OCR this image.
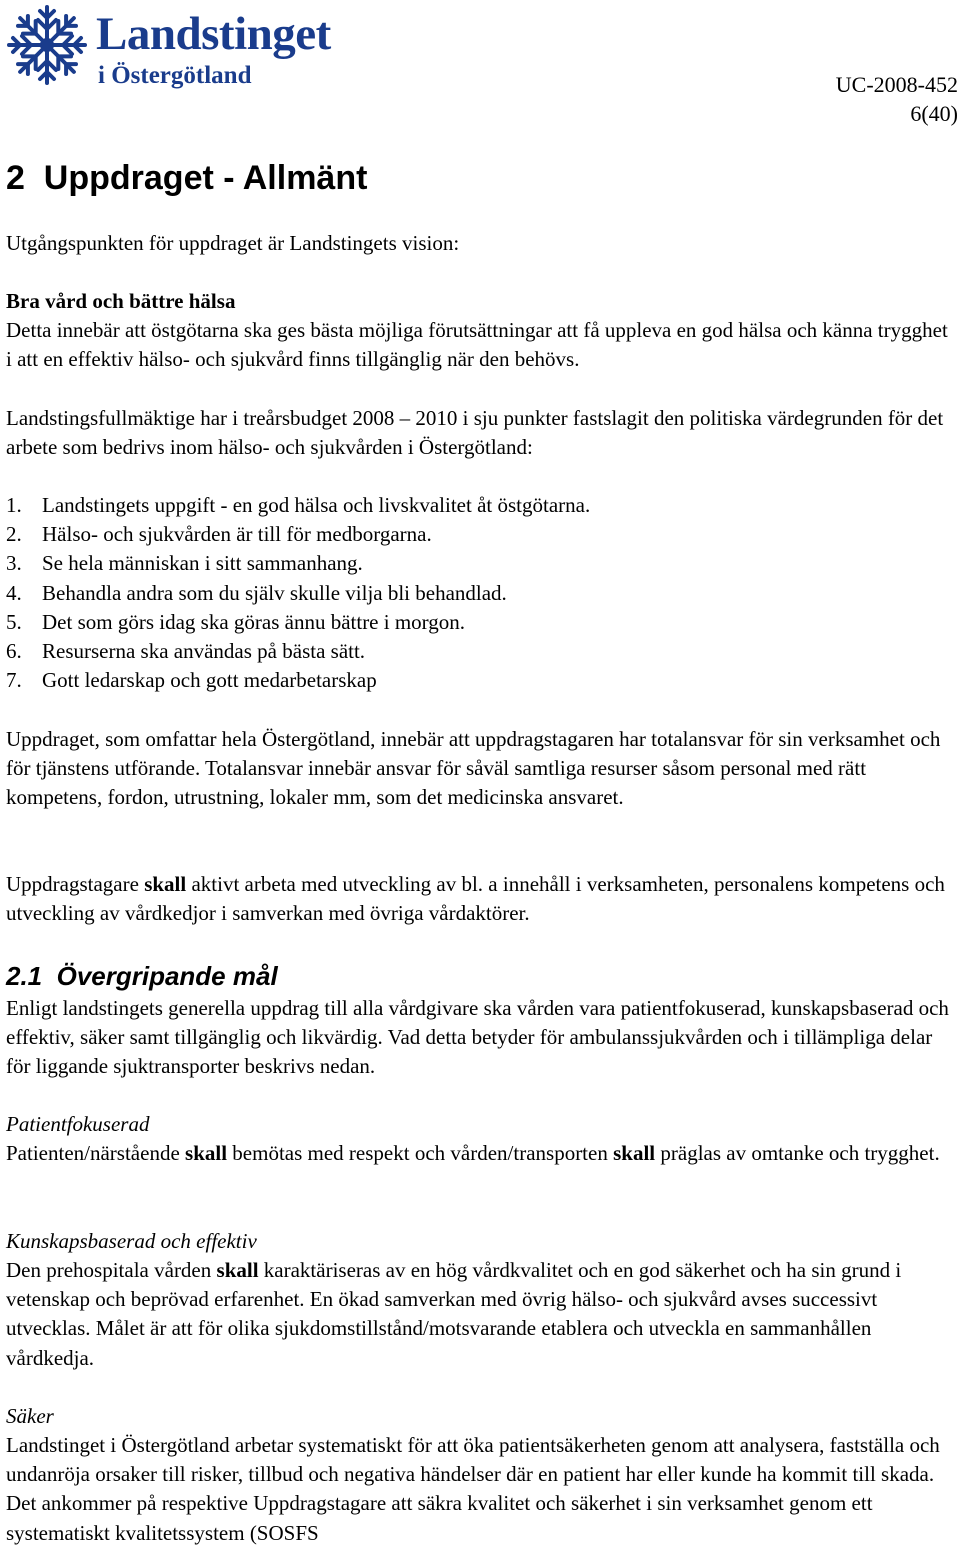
Landstinget
i Östergötland	UC-2008-452
6(40)
2  Uppdraget - Allmänt

Utgångspunkten för uppdraget är Landstingets vision:

Bra vård och bättre hälsa

Detta innebär att östgötarna ska ges bästa möjliga förutsättningar att få uppleva en god hälsa och känna trygghet i att en effektiv hälso- och sjukvård finns tillgänglig när den behövs.

Landstingsfullmäktige har i treårsbudget 2008 – 2010 i sju punkter fastslagit den politiska värdegrunden för det arbete som bedrivs inom hälso- och sjukvården i Östergötland:

1. Landstingets uppgift - en god hälsa och livskvalitet åt östgötarna.
2. Hälso- och sjukvården är till för medborgarna.
3. Se hela människan i sitt sammanhang.
4. Behandla andra som du själv skulle vilja bli behandlad.
5. Det som görs idag ska göras ännu bättre i morgon.
6. Resurserna ska användas på bästa sätt.
7. Gott ledarskap och gott medarbetarskap

Uppdraget, som omfattar hela Östergötland, innebär att uppdragstagaren har totalansvar för sin verksamhet och för tjänstens utförande. Totalansvar innebär ansvar för såväl samtliga resurser såsom personal med rätt kompetens, fordon, utrustning, lokaler mm, som det medicinska ansvaret.

Uppdragstagare skall aktivt arbeta med utveckling av bl. a innehåll i verksamheten, personalens kompetens och utveckling av vårdkedjor i samverkan med övriga vårdaktörer.

2.1  Övergripande mål

Enligt landstingets generella uppdrag till alla vårdgivare ska vården vara patientfokuserad, kunskapsbaserad och effektiv, säker samt tillgänglig och likvärdig. Vad detta betyder för ambulanssjukvården och i tillämpliga delar för liggande sjuktransporter beskrivs nedan.

Patientfokuserad

Patienten/närstående skall bemötas med respekt och vården/transporten skall präglas av omtanke och trygghet.

Kunskapsbaserad och effektiv

Den prehospitala vården skall karaktäriseras av en hög vårdkvalitet och en god säkerhet och ha sin grund i vetenskap och beprövad erfarenhet. En ökad samverkan med övrig hälso- och sjukvård avses successivt utvecklas. Målet är att för olika sjukdomstillstånd/motsvarande etablera och utveckla en sammanhållen vårdkedja.

Säker

Landstinget i Östergötland arbetar systematiskt för att öka patientsäkerheten genom att analysera, fastställa och undanröja orsaker till risker, tillbud och negativa händelser där en patient har eller kunde ha kommit till skada. Det ankommer på respektive Uppdragstagare att säkra kvalitet och säkerhet i sin verksamhet genom ett systematiskt kvalitetssystem (SOSFS
